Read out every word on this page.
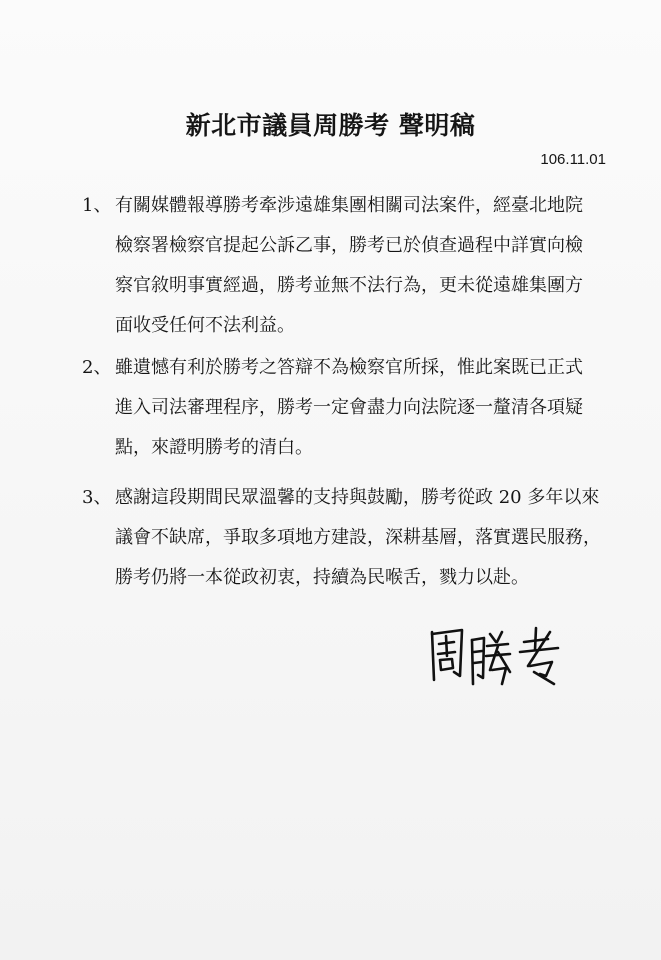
新北市議員周勝考 聲明稿
106.11.01
1、 有關媒體報導勝考牽涉遠雄集團相關司法案件，經臺北地院
檢察署檢察官提起公訴乙事，勝考已於偵查過程中詳實向檢
察官敘明事實經過，勝考並無不法行為，更未從遠雄集團方
面收受任何不法利益。
2、 雖遺憾有利於勝考之答辯不為檢察官所採，惟此案既已正式
進入司法審理程序，勝考一定會盡力向法院逐一釐清各項疑
點，來證明勝考的清白。
3、 感謝這段期間民眾溫馨的支持與鼓勵，勝考從政 20 多年以來
議會不缺席，爭取多項地方建設，深耕基層，落實選民服務，
勝考仍將一本從政初衷，持續為民喉舌，戮力以赴。
